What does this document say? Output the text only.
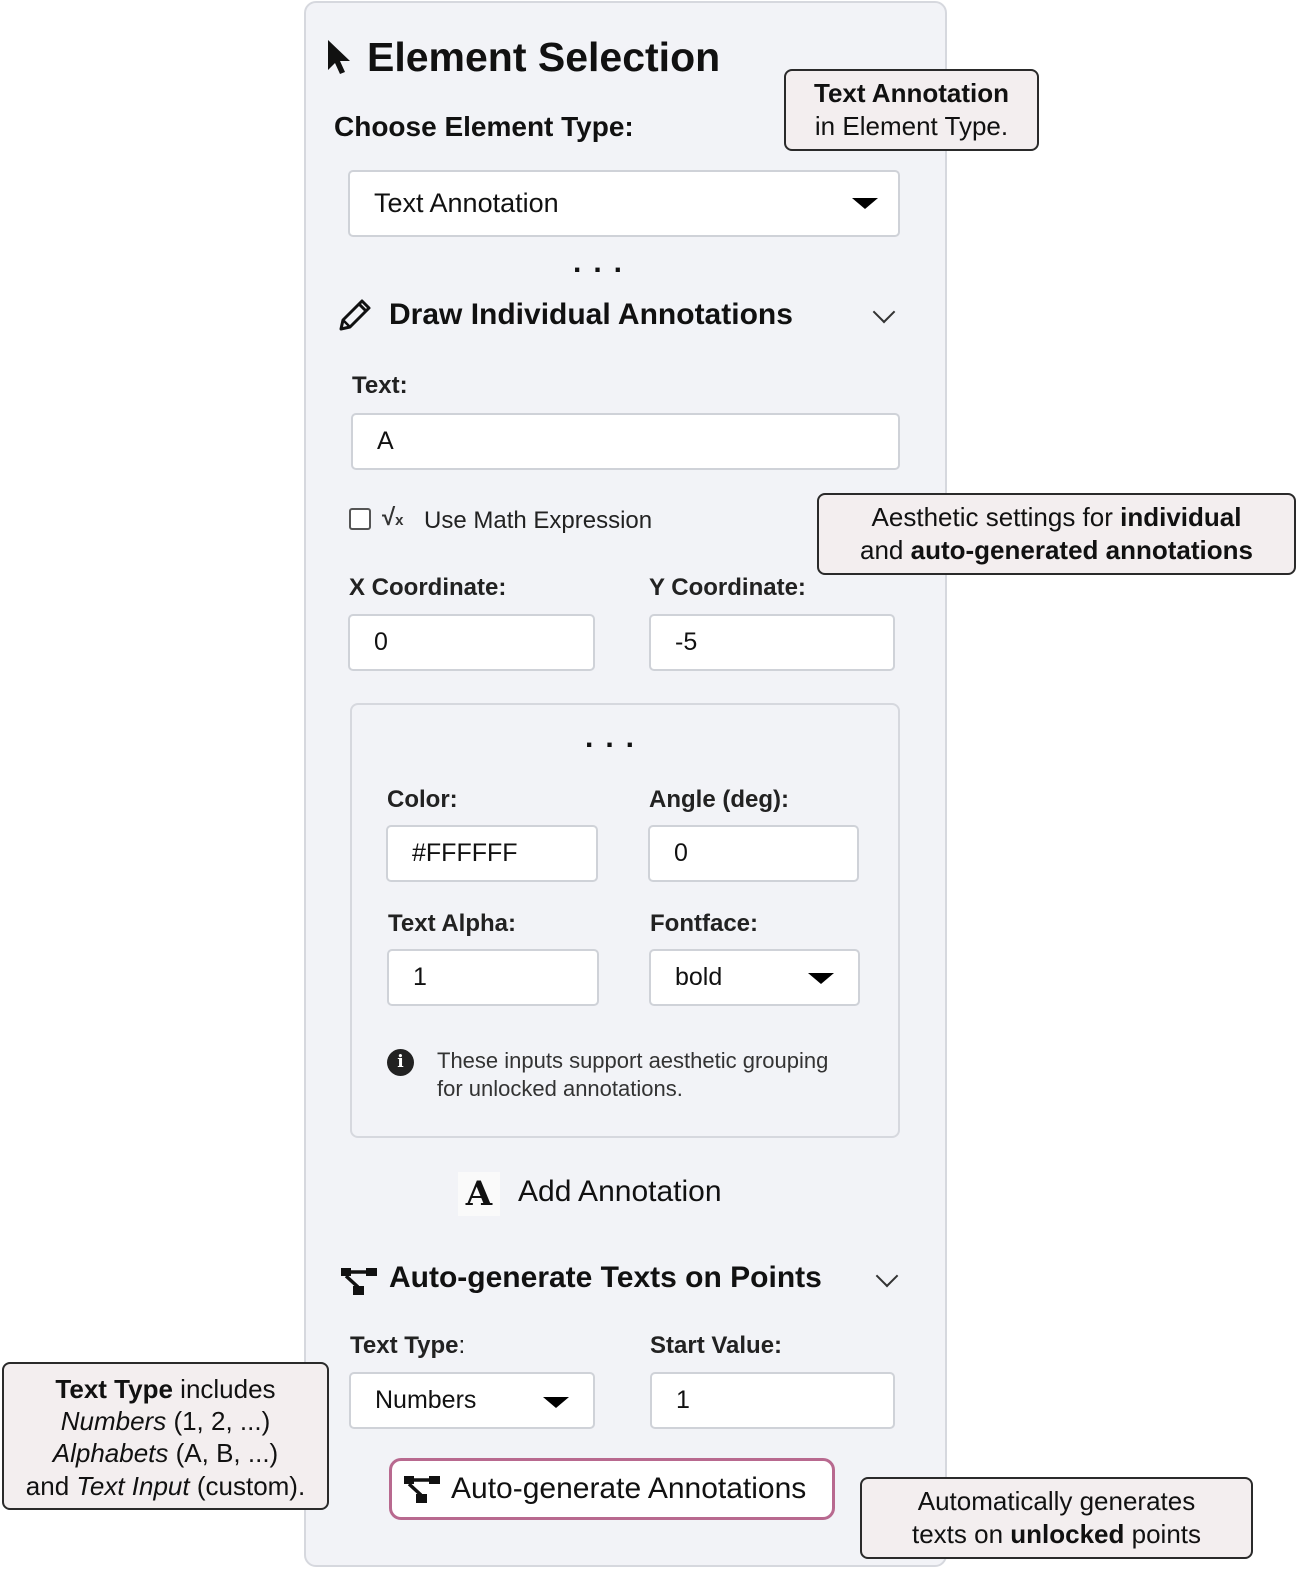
Element Selection
Choose Element Type:
Text Annotation
...
Draw Individual Annotations
Text:
A
√x Use Math Expression
X Coordinate:
0
Y Coordinate:
-5
...
Color:
#FFFFFF
Angle (deg):
0
Text Alpha:
1
Fontface:
bold
i	These inputs support aesthetic grouping
for unlocked annotations.
A Add Annotation
Auto-generate Texts on Points
Text Type:
Numbers
Start Value:
1
Auto-generate Annotations
Text Annotation
in Element Type.
Aesthetic settings for individual
and auto-generated annotations
Text Type includes
Numbers (1, 2, ...)
Alphabets (A, B, ...)
and Text Input (custom).
Automatically generates
texts on unlocked points
